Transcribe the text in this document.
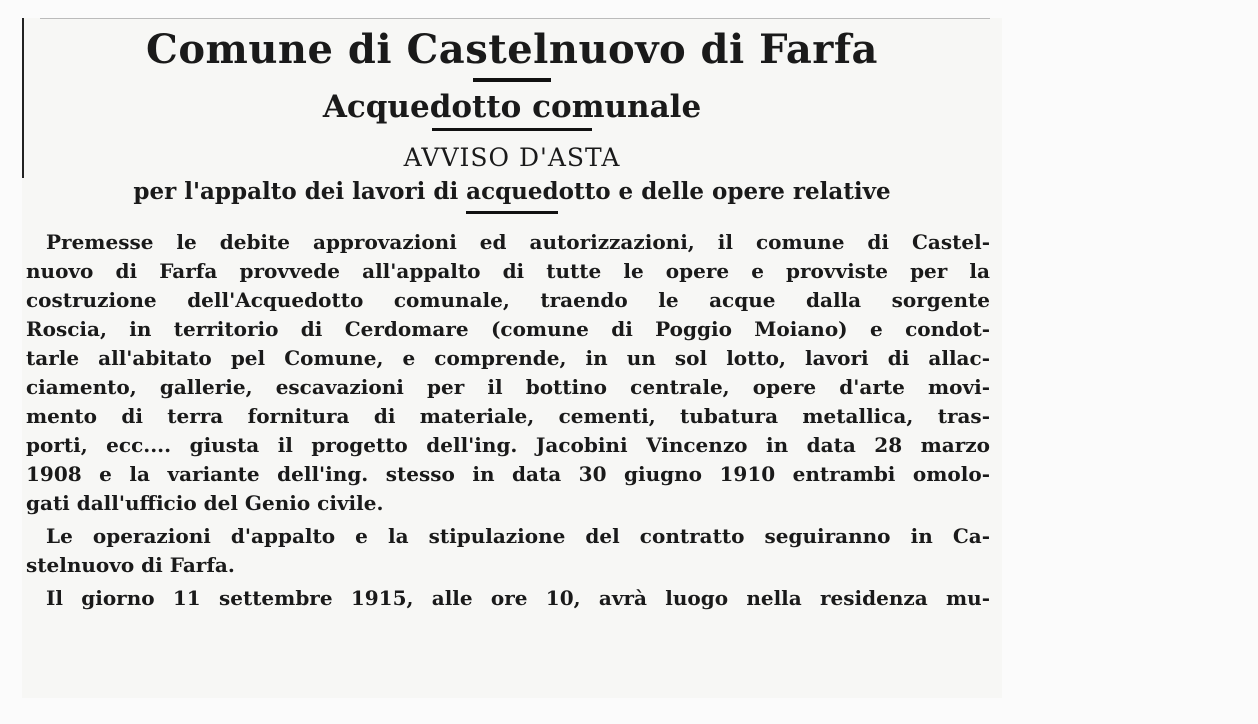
Comune di Castelnuovo di Farfa
Acquedotto comunale
AVVISO D'ASTA
per l'appalto dei lavori di acquedotto e delle opere relative
Premesse le debite approvazioni ed autorizzazioni, il comune di Castel-
nuovo di Farfa provvede all'appalto di tutte le opere e provviste per la
costruzione dell'Acquedotto comunale, traendo le acque dalla sorgente
Roscia, in territorio di Cerdomare (comune di Poggio Moiano) e condot-
tarle all'abitato pel Comune, e comprende, in un sol lotto, lavori di allac-
ciamento, gallerie, escavazioni per il bottino centrale, opere d'arte movi-
mento di terra fornitura di materiale, cementi, tubatura metallica, tras-
porti, ecc.... giusta il progetto dell'ing. Jacobini Vincenzo in data 28 marzo
1908 e la variante dell'ing. stesso in data 30 giugno 1910 entrambi omolo-
gati dall'ufficio del Genio civile.
Le operazioni d'appalto e la stipulazione del contratto seguiranno in Ca-
stelnuovo di Farfa.
Il giorno 11 settembre 1915, alle ore 10, avrà luogo nella residenza mu-
